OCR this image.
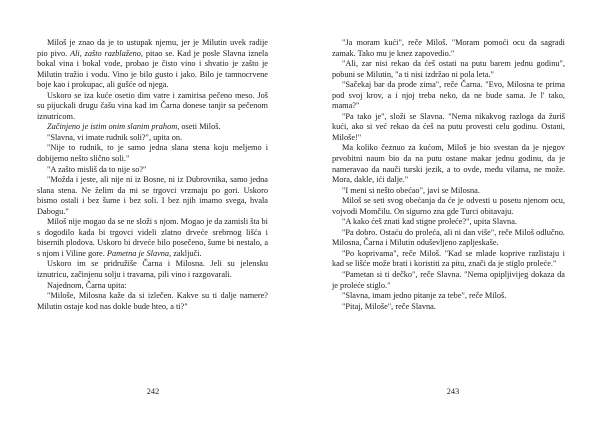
Miloš je znao da je to ustupak njemu, jer je Milutin uvek radije pio pivo. Ali, zašto razblaženo, pitao se. Kad je posle Slavna iznela bokal vina i bokal vode, probao je čisto vino i shvatio je zašto je Milutin tražio i vodu. Vino je bilo gusto i jako. Bilo je tamnocrvene boje kao i prokupac, ali gušće od njega.

Uskoro se iza kuće osetio dim vatre i zamirisa pečeno meso. Još su pijuckali drugu čašu vina kad im Čarna donese tanjir sa pečenom iznutricom.

Začinjeno je istim onim slanim prahom, oseti Miloš.

"Slavna, vi imate rudnik soli?", upita on.

"Nije to rudnik, to je samo jedna slana stena koju meljemo i dobijemo nešto slično soli."

"A zašto misliš da to nije so?"

"Možda i jeste, ali nije ni iz Bosne, ni iz Dubrovnika, samo jedna slana stena. Ne želim da mi se trgovci vrzmaju po gori. Uskoro bismo ostali i bez šume i bez soli. I bez njih imamo svega, hvala Dabogu."

Miloš nije mogao da se ne složi s njom. Mogao je da zamisli šta bi s dogodilo kada bi trgovci videli zlatno drveće srebrnog lišća i bisernih plodova. Uskoro bi drveće bilo posečeno, šume bi nestalo, a s njom i Viline gore. Pametna je Slavna, zaključi.

Uskoro im se pridružiše Čarna i Milosna. Jeli su jelensku iznutricu, začinjenu solju i travama, pili vino i razgovarali.

Najednom, Čarna upita:

"Miloše, Milosna kaže da si izlečen. Kakve su ti dalje namere? Milutin ostaje kod nas dokle bude hteo, a ti?"

242

"Ja moram kući", reče Miloš. "Moram pomoći ocu da sagradi zamak. Tako mu je knez zapovedio."

"Ali, zar nisi rekao da ćeš ostati na putu barem jednu godinu", pobuni se Milutin, "a ti nisi izdržao ni pola leta."

"Sačekaj bar da prođe zima", reče Čarna. "Evo, Milosna te prima pod svoj krov, a i njoj treba neko, da ne bude sama. Je l' tako, mama?"

"Pa tako je", složi se Slavna. "Nema nikakvog razloga da žuriš kući, ako si već rekao da ćeš na putu provesti celu godinu. Ostani, Miloše!"

Ma koliko čeznuo za kućom, Miloš je bio svestan da je njegov prvobitni naum bio da na putu ostane makar jednu godinu, da je nameravao da nauči turski jezik, a to ovde, među vilama, ne može. Mora, dakle, ići dalje."

"I meni si nešto obećao", javi se Milosna.

Miloš se seti svog obećanja da će je odvesti u posetu njenom ocu, vojvodi Momčilu. On sigurno zna gde Turci obitavaju.

"A kako ćeš znati kad stigne proleće?", upita Slavna.

"Pa dobro. Ostaću do proleća, ali ni dan više", reče Miloš odlučno. Milosna, Čarna i Milutin oduševljeno zapljeskaše.

"Po koprivama", reče Miloš. "Kad se mlade koprive razlistaju i kad se lišće može brati i koristiti za pitu, znači da je stiglo proleće."

"Pametan si ti dečko", reče Slavna. "Nema opipljivijeg dokaza da je proleće stiglo."

"Slavna, imam jedno pitanje za tebe", reče Miloš.

"Pitaj, Miloše", reče Slavna.

243
